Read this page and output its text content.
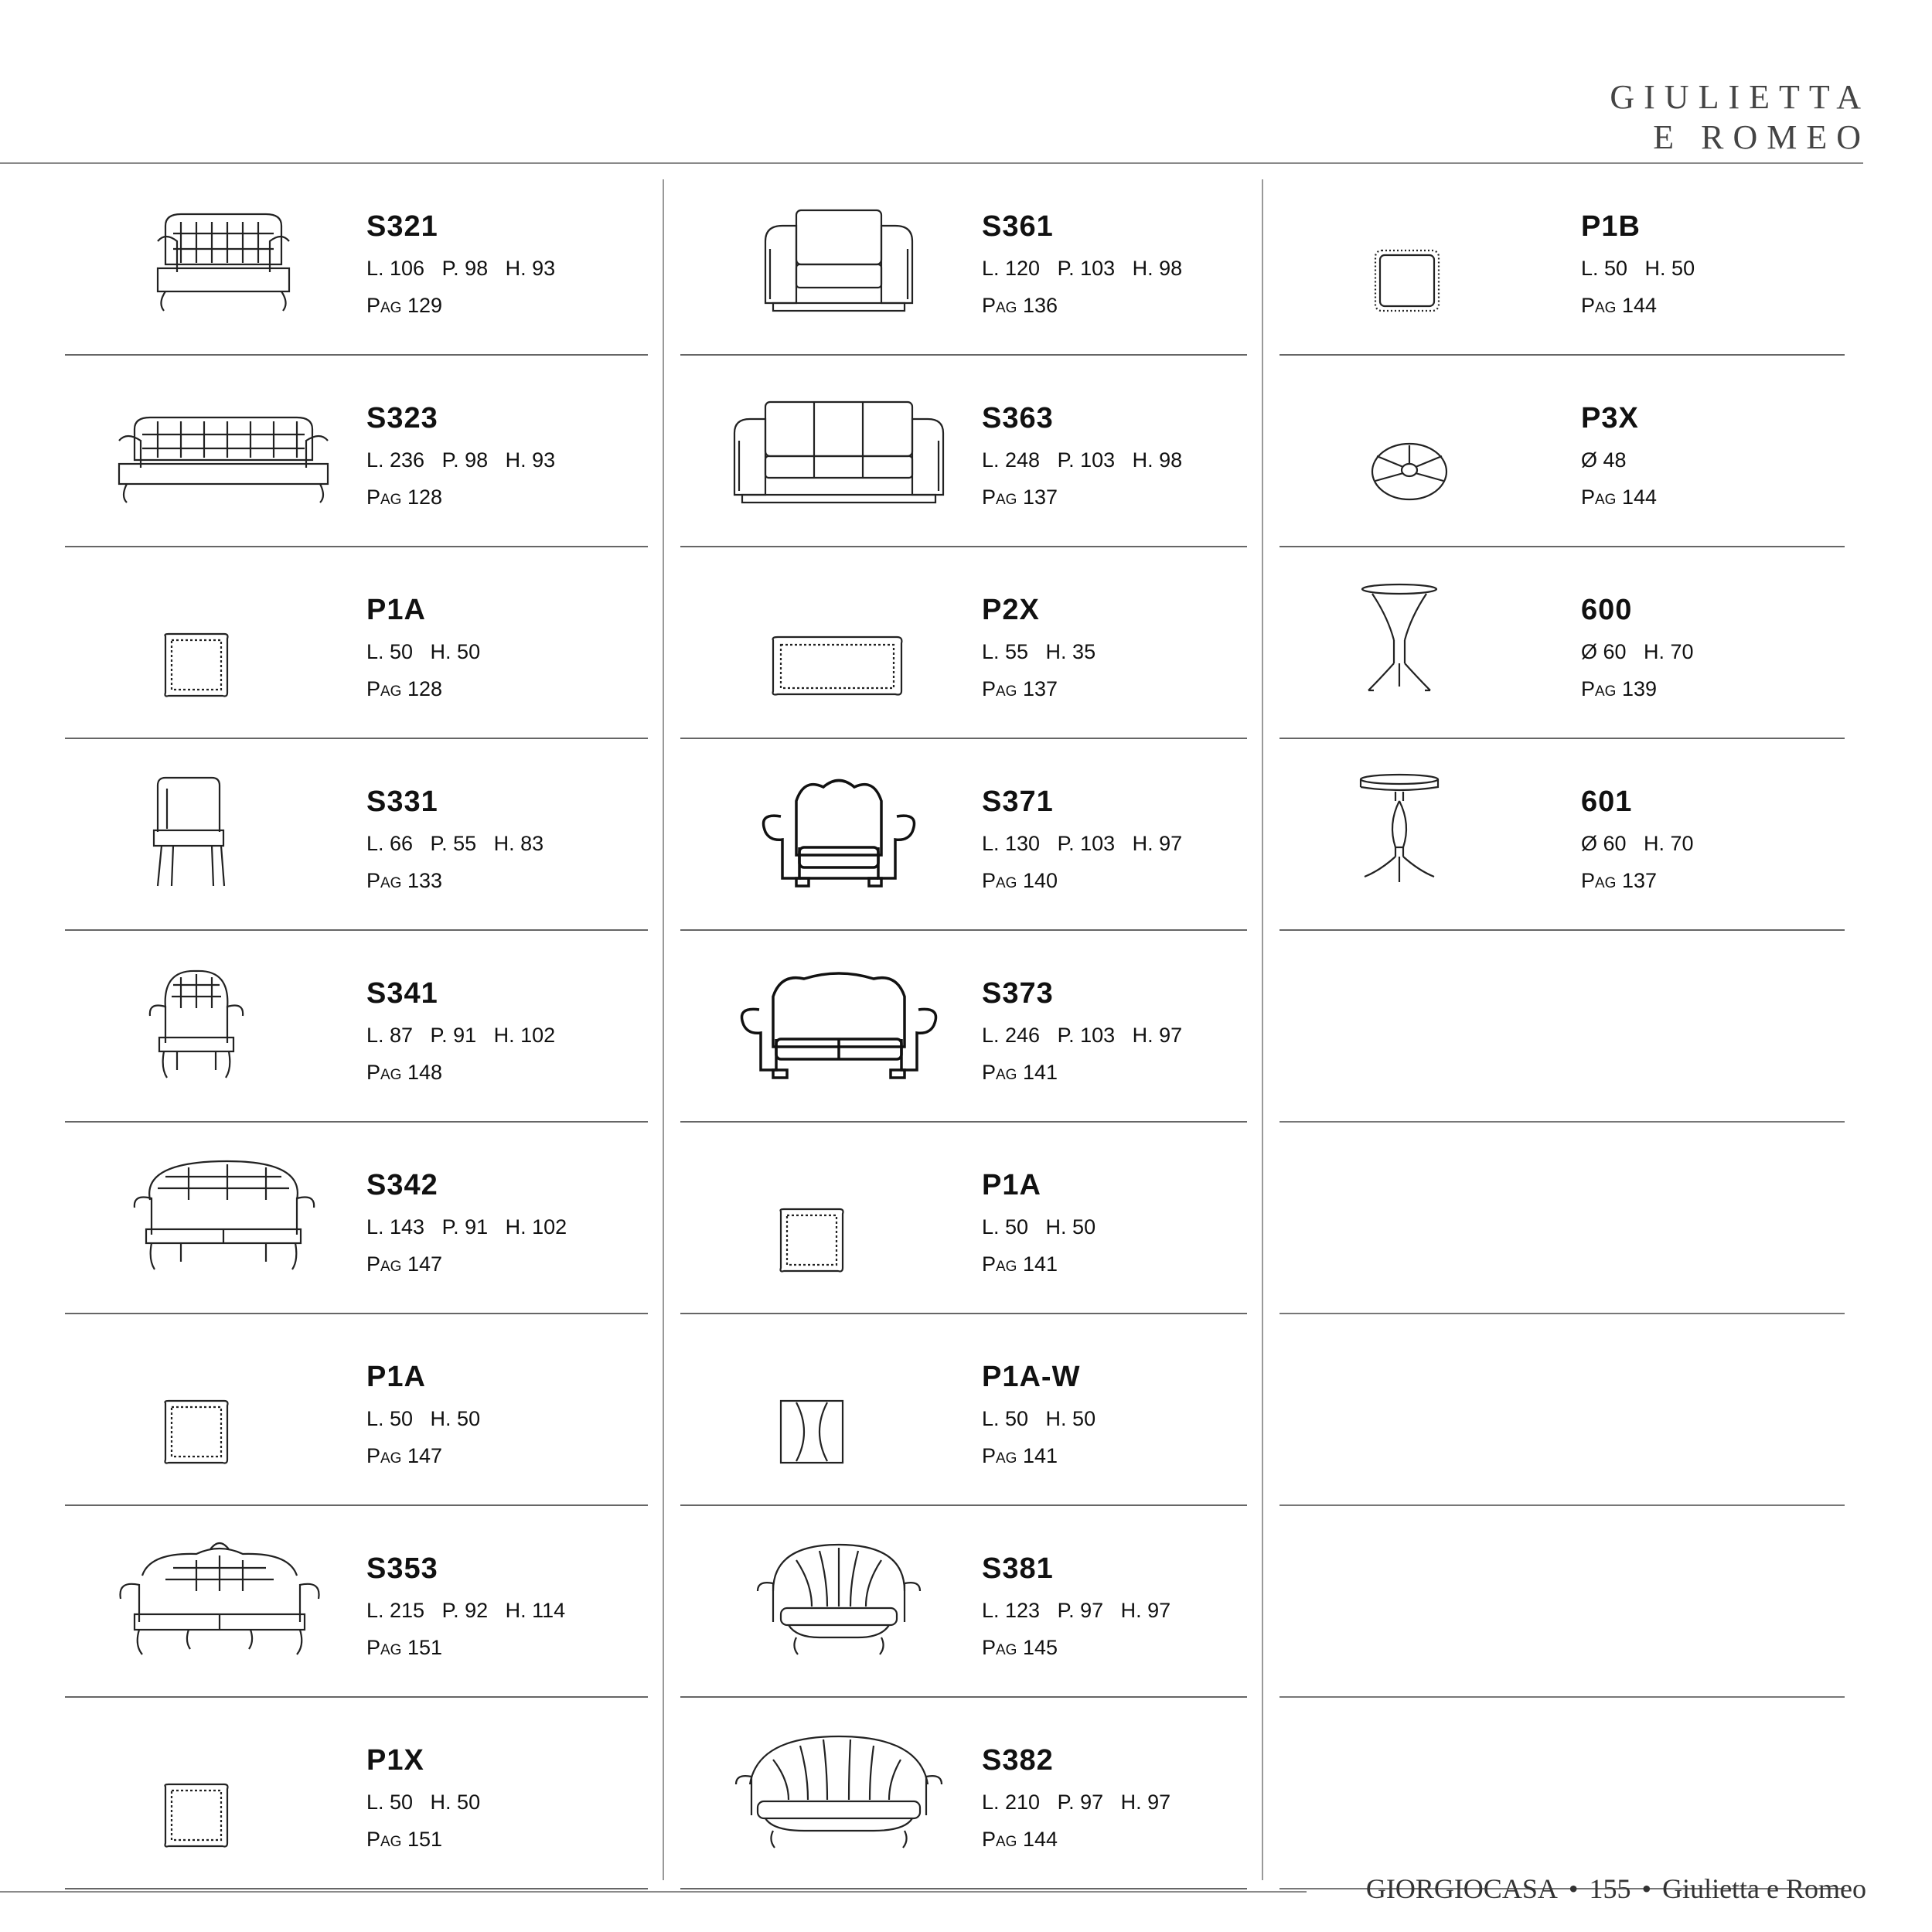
GIULIETTA
E ROMEO
S321
L. 106   P. 98   H. 93
Pag 129
S323
L. 236   P. 98   H. 93
Pag 128
P1A
L. 50   H. 50
Pag 128
S331
L. 66   P. 55   H. 83
Pag 133
S341
L. 87   P. 91   H. 102
Pag 148
S342
L. 143   P. 91   H. 102
Pag 147
P1A
L. 50   H. 50
Pag 147
S353
L. 215   P. 92   H. 114
Pag 151
P1X
L. 50   H. 50
Pag 151
S361
L. 120   P. 103   H. 98
Pag 136
S363
L. 248   P. 103   H. 98
Pag 137
P2X
L. 55   H. 35
Pag 137
S371
L. 130   P. 103   H. 97
Pag 140
S373
L. 246   P. 103   H. 97
Pag 141
P1A
L. 50   H. 50
Pag 141
P1A-W
L. 50   H. 50
Pag 141
S381
L. 123   P. 97   H. 97
Pag 145
S382
L. 210   P. 97   H. 97
Pag 144
P1B
L. 50   H. 50
Pag 144
P3X
Ø 48
Pag 144
600
Ø 60   H. 70
Pag 139
601
Ø 60   H. 70
Pag 137
GIORGIOCASA • 155 • Giulietta e Romeo
